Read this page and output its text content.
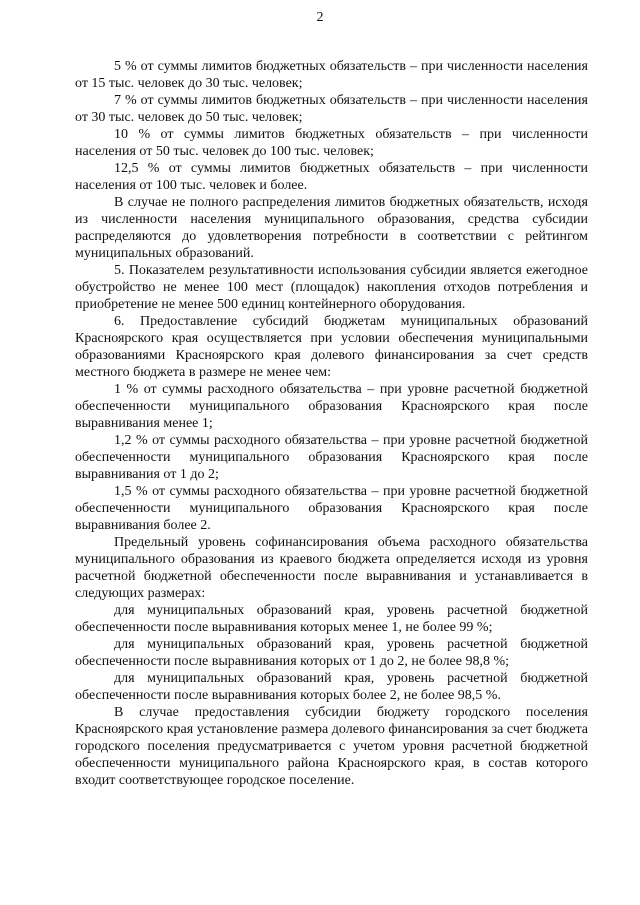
2

5 % от суммы лимитов бюджетных обязательств – при численности населения от 15 тыс. человек до 30 тыс. человек;

7 % от суммы лимитов бюджетных обязательств – при численности населения от 30 тыс. человек до 50 тыс. человек;

10 % от суммы лимитов бюджетных обязательств – при численности населения от 50 тыс. человек до 100 тыс. человек;

12,5 % от суммы лимитов бюджетных обязательств – при численности населения от 100 тыс. человек и более.

В случае не полного распределения лимитов бюджетных обязательств, исходя из численности населения муниципального образования, средства субсидии распределяются до удовлетворения потребности в соответствии с рейтингом муниципальных образований.

5. Показателем результативности использования субсидии является ежегодное обустройство не менее 100 мест (площадок) накопления отходов потребления и приобретение не менее 500 единиц контейнерного оборудования.

6. Предоставление субсидий бюджетам муниципальных образований Красноярского края осуществляется при условии обеспечения муниципальными образованиями Красноярского края долевого финансирования за счет средств местного бюджета в размере не менее чем:

1 % от суммы расходного обязательства – при уровне расчетной бюджетной обеспеченности муниципального образования Красноярского края после выравнивания менее 1;

1,2 % от суммы расходного обязательства – при уровне расчетной бюджетной обеспеченности муниципального образования Красноярского края после выравнивания от 1 до 2;

1,5 % от суммы расходного обязательства – при уровне расчетной бюджетной обеспеченности муниципального образования Красноярского края после выравнивания более 2.

Предельный уровень софинансирования объема расходного обязательства муниципального образования из краевого бюджета определяется исходя из уровня расчетной бюджетной обеспеченности после выравнивания и устанавливается в следующих размерах:

для муниципальных образований края, уровень расчетной бюджетной обеспеченности после выравнивания которых менее 1, не более 99 %;

для муниципальных образований края, уровень расчетной бюджетной обеспеченности после выравнивания которых от 1 до 2, не более 98,8 %;

для муниципальных образований края, уровень расчетной бюджетной обеспеченности после выравнивания которых более 2, не более 98,5 %.

В случае предоставления субсидии бюджету городского поселения Красноярского края установление размера долевого финансирования за счет бюджета городского поселения предусматривается с учетом уровня расчетной бюджетной обеспеченности муниципального района Красноярского края, в состав которого входит соответствующее городское поселение.
